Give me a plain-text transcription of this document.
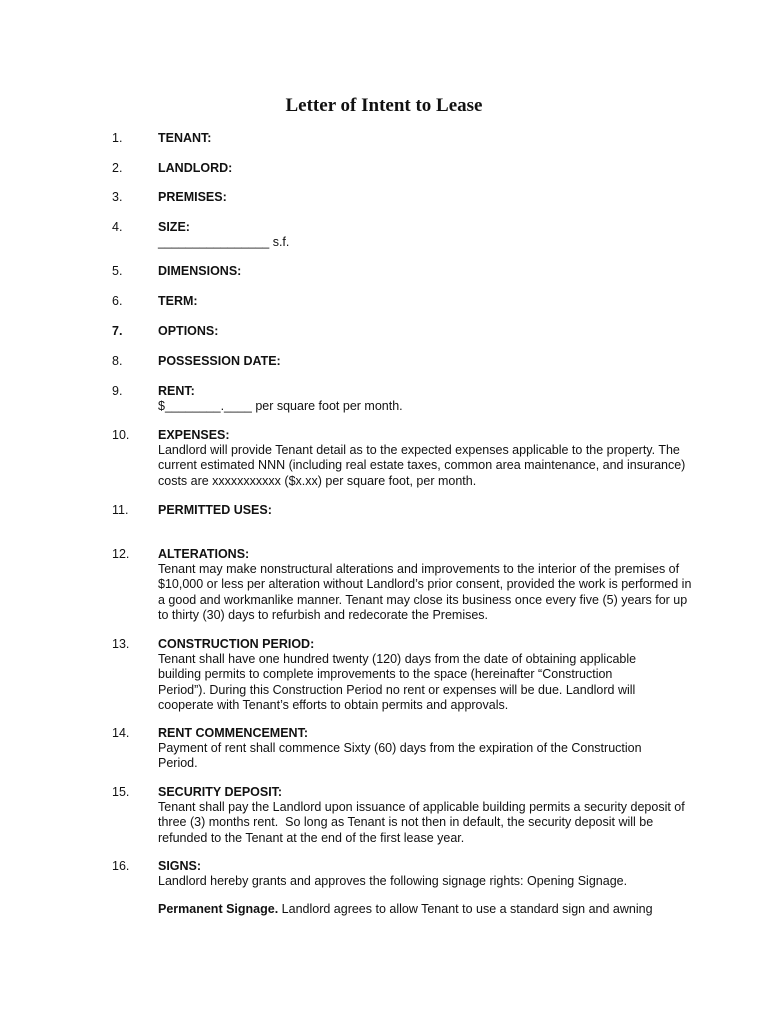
Letter of Intent to Lease
1.	TENANT:
2.	LANDLORD:
3.	PREMISES:
4.	SIZE:
________________ s.f.
5.	DIMENSIONS:
6.	TERM:
7.	OPTIONS:
8.	POSSESSION DATE:
9.	RENT:
$________.____ per square foot per month.
10. EXPENSES:
Landlord will provide Tenant detail as to the expected expenses applicable to the property. The
current estimated NNN (including real estate taxes, common area maintenance, and insurance)
costs are xxxxxxxxxxx ($x.xx) per square foot, per month.
11. PERMITTED USES:
12. ALTERATIONS:
Tenant may make nonstructural alterations and improvements to the interior of the premises of
$10,000 or less per alteration without Landlord’s prior consent, provided the work is performed in
a good and workmanlike manner. Tenant may close its business once every five (5) years for up
to thirty (30) days to refurbish and redecorate the Premises.
13. CONSTRUCTION PERIOD:
Tenant shall have one hundred twenty (120) days from the date of obtaining applicable
building permits to complete improvements to the space (hereinafter “Construction
Period”). During this Construction Period no rent or expenses will be due. Landlord will
cooperate with Tenant’s efforts to obtain permits and approvals.
14. RENT COMMENCEMENT:
Payment of rent shall commence Sixty (60) days from the expiration of the Construction
Period.
15. SECURITY DEPOSIT:
Tenant shall pay the Landlord upon issuance of applicable building permits a security deposit of
three (3) months rent.  So long as Tenant is not then in default, the security deposit will be
refunded to the Tenant at the end of the first lease year.
16. SIGNS:
Landlord hereby grants and approves the following signage rights: Opening Signage.
Permanent Signage. Landlord agrees to allow Tenant to use a standard sign and awning
